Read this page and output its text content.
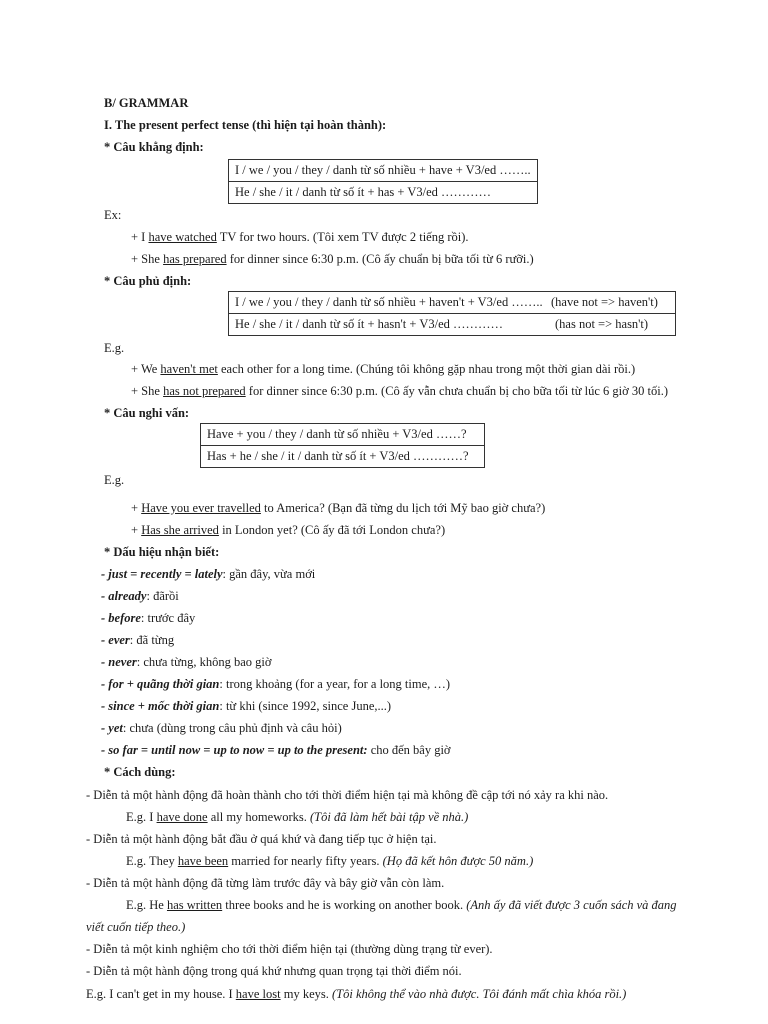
B/ GRAMMAR
I. The present perfect tense (thì hiện tại hoàn thành):
* Câu khẳng định:
I / we / you / they / danh từ số nhiều + have + V3/ed ……..
He / she / it / danh từ số ít + has + V3/ed …………
Ex:
+ I have watched TV for two hours. (Tôi xem TV được 2 tiếng rồi).
+ She has prepared for dinner since 6:30 p.m. (Cô ấy chuẩn bị bữa tối từ 6 rưỡi.)
* Câu phủ định:
I / we / you / they / danh từ số nhiều + haven't + V3/ed …….. (have not => haven't)

He / she / it / danh từ số ít + hasn't + V3/ed …………	(has not => hasn't)
E.g.
+ We haven't met each other for a long time. (Chúng tôi không gặp nhau trong một thời gian dài rồi.)
+ She has not prepared for dinner since 6:30 p.m. (Cô ấy vẫn chưa chuẩn bị cho bữa tối từ lúc 6 giờ 30 tối.)
* Câu nghi vấn:
Have + you / they / danh từ số nhiều + V3/ed ……?
Has + he / she / it / danh từ số ít + V3/ed …………?
E.g.
+ Have you ever travelled to America? (Bạn đã từng du lịch tới Mỹ bao giờ chưa?)
+ Has she arrived in London yet? (Cô ấy đã tới London chưa?)
* Dấu hiệu nhận biết:
- just = recently = lately: gần đây, vừa mới
- already: đãrồi
- before: trước đây
- ever: đã từng
- never: chưa từng, không bao giờ
- for + quãng thời gian: trong khoảng (for a year, for a long time, …)
- since + mốc thời gian: từ khi (since 1992, since June,...)
- yet: chưa (dùng trong câu phủ định và câu hỏi)
- so far = until now = up to now = up to the present: cho đến bây giờ
* Cách dùng:
- Diễn tả một hành động đã hoàn thành cho tới thời điểm hiện tại mà không đề cập tới nó xảy ra khi nào.
E.g. I have done all my homeworks. (Tôi đã làm hết bài tập về nhà.)
- Diễn tả một hành động bắt đầu ở quá khứ và đang tiếp tục ở hiện tại.
E.g. They have been married for nearly fifty years. (Họ đã kết hôn được 50 năm.)
- Diễn tả một hành động đã từng làm trước đây và bây giờ vẫn còn làm.
E.g. He has written three books and he is working on another book. (Anh ấy đã viết được 3 cuốn sách và đang
viết cuốn tiếp theo.)
- Diễn tả một kinh nghiệm cho tới thời điểm hiện tại (thường dùng trạng từ ever).
- Diễn tả một hành động trong quá khứ nhưng quan trọng tại thời điểm nói.
E.g. I can't get in my house. I have lost my keys. (Tôi không thể vào nhà được. Tôi đánh mất chìa khóa rồi.)
